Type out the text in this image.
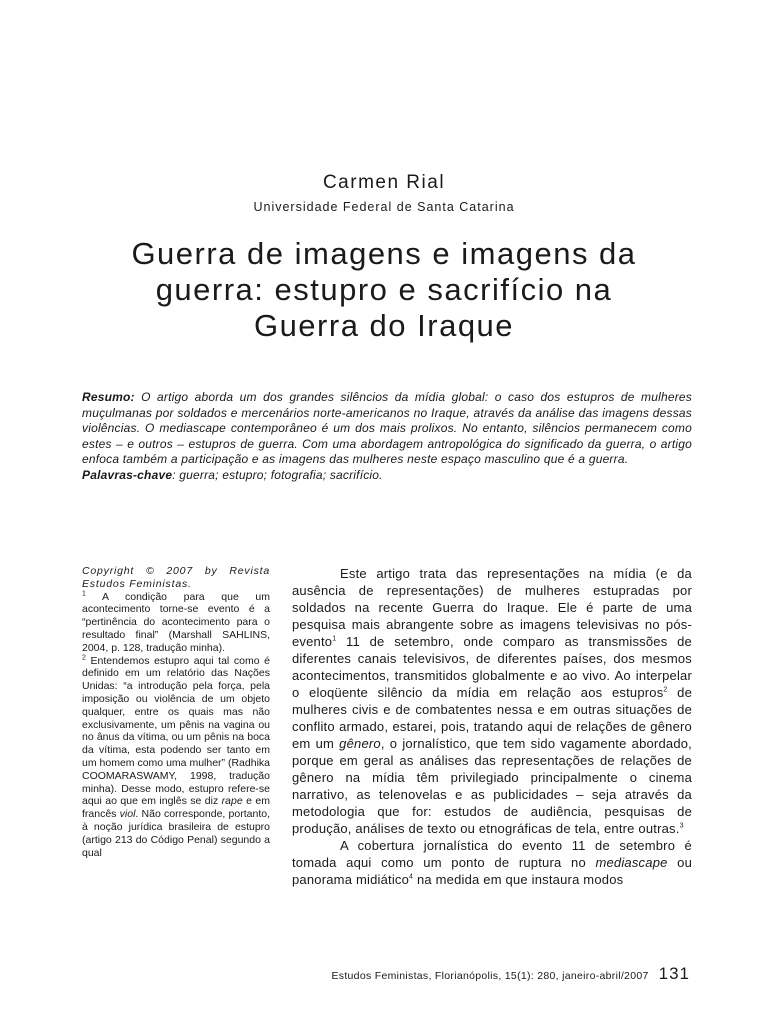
Carmen Rial
Universidade Federal de Santa Catarina
Guerra de imagens e imagens da
guerra: estupro e sacrifício na
Guerra do Iraque
Resumo: O artigo aborda um dos grandes silêncios da mídia global: o caso dos estupros de mulheres muçulmanas por soldados e mercenários norte-americanos no Iraque, através da análise das imagens dessas violências. O mediascape contemporâneo é um dos mais prolixos. No entanto, silêncios permanecem como estes – e outros – estupros de guerra. Com uma abordagem antropológica do significado da guerra, o artigo enfoca também a participação e as imagens das mulheres neste espaço masculino que é a guerra.
Palavras-chave: guerra; estupro; fotografia; sacrifício.

Copyright © 2007 by Revista Estudos Feministas.

$^1$ A condição para que um acontecimento torne-se evento é a “pertinência do acontecimento para o resultado final” (Marshall SAHLINS, 2004, p. 128, tradução minha).

$^2$ Entendemos estupro aqui tal como é definido em um relatório das Nações Unidas: “a introdução pela força, pela imposição ou violência de um objeto qualquer, entre os quais mas não exclusivamente, um pênis na vagina ou no ânus da vítima, ou um pênis na boca da vítima, esta podendo ser tanto em um homem como uma mulher” (Radhika COOMARASWAMY, 1998, tradução minha). Desse modo, estupro refere-se aqui ao que em inglês se diz rape e em francês viol. Não corresponde, portanto, à noção jurídica brasileira de estupro (artigo 213 do Código Penal) segundo a qual

Este artigo trata das representações na mídia (e da ausência de representações) de mulheres estupradas por soldados na recente Guerra do Iraque. Ele é parte de uma pesquisa mais abrangente sobre as imagens televisivas no pós-evento$^1$ 11 de setembro, onde comparo as transmissões de diferentes canais televisivos, de diferentes países, dos mesmos acontecimentos, transmitidos globalmente e ao vivo. Ao interpelar o eloqüente silêncio da mídia em relação aos estupros$^2$ de mulheres civis e de combatentes nessa e em outras situações de conflito armado, estarei, pois, tratando aqui de relações de gênero em um gênero, o jornalístico, que tem sido vagamente abordado, porque em geral as análises das representações de relações de gênero na mídia têm privilegiado principalmente o cinema narrativo, as telenovelas e as publicidades – seja através da metodologia que for: estudos de audiência, pesquisas de produção, análises de texto ou etnográficas de tela, entre outras.$^3$

A cobertura jornalística do evento 11 de setembro é tomada aqui como um ponto de ruptura no mediascape ou panorama midiático$^4$ na medida em que instaura modos

Estudos Feministas, Florianópolis, 15(1): 280, janeiro-abril/2007 131
